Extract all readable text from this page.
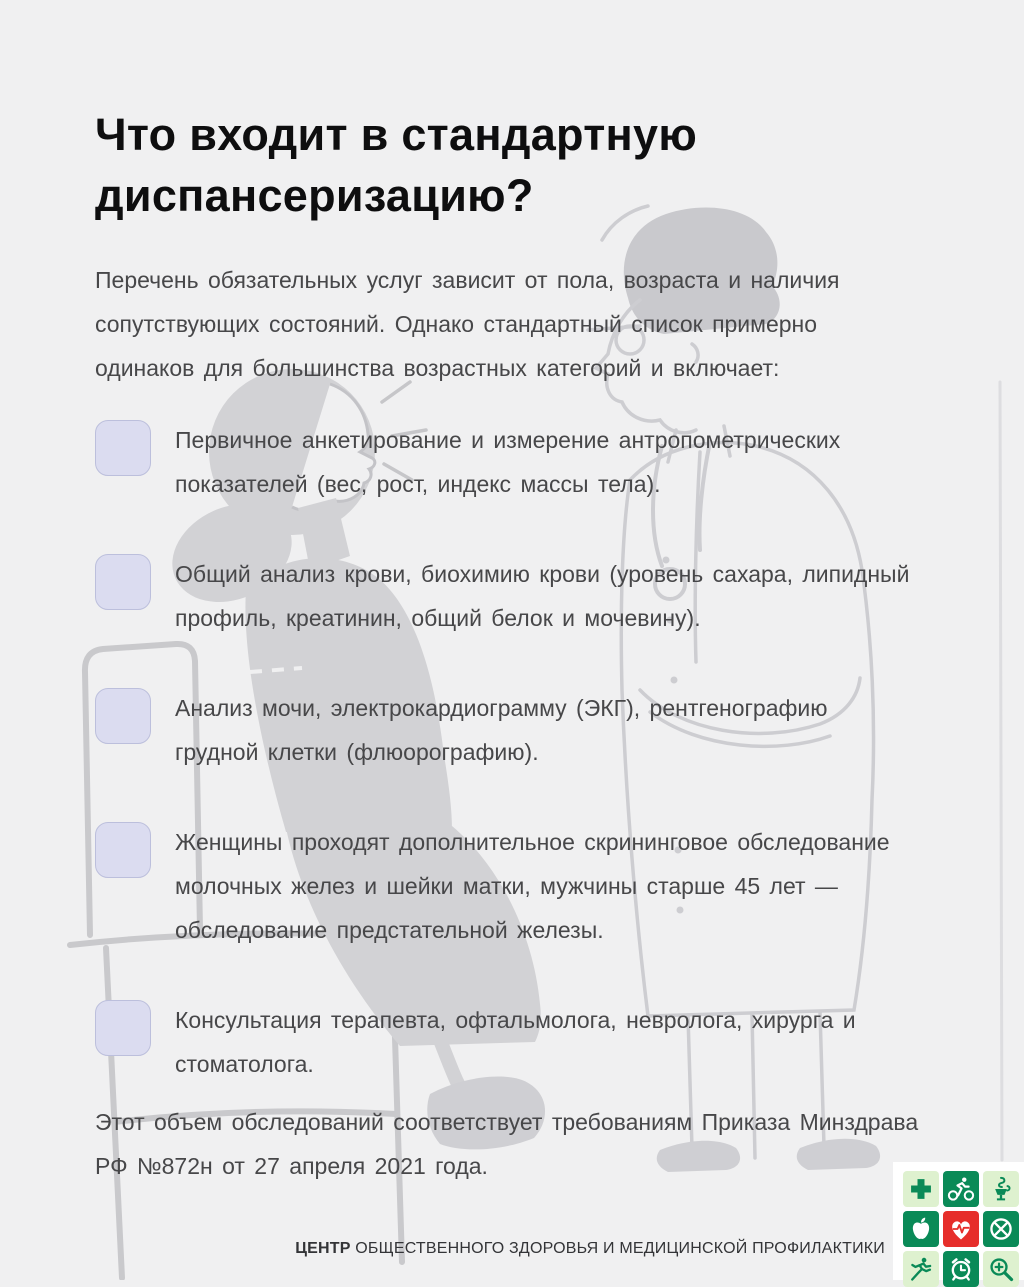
Что входит в стандартную диспансеризацию?

Перечень обязательных услуг зависит от пола, возраста и наличия сопутствующих состояний. Однако стандартный список примерно одинаков для большинства возрастных категорий и включает:

Первичное анкетирование и измерение антропометрических показателей (вес, рост, индекс массы тела).
Общий анализ крови, биохимию крови (уровень сахара, липидный профиль, креатинин, общий белок и мочевину).
Анализ мочи, электрокардиограмму (ЭКГ), рентгенографию грудной клетки (флюорографию).
Женщины проходят дополнительное скрининговое обследование молочных желез и шейки матки, мужчины старше 45 лет — обследование предстательной железы.
Консультация терапевта, офтальмолога, невролога, хирурга и стоматолога.

Этот объем обследований соответствует требованиям Приказа Минздрава РФ №872н от 27 апреля 2021 года.

ЦЕНТР ОБЩЕСТВЕННОГО ЗДОРОВЬЯ И МЕДИЦИНСКОЙ ПРОФИЛАКТИКИ
